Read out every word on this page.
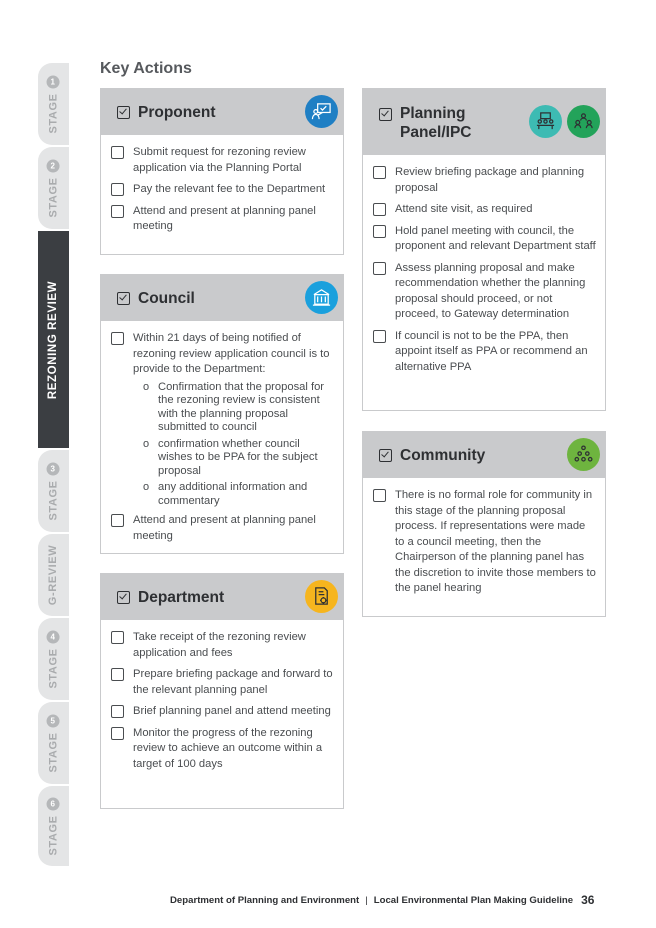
STAGE
1
STAGE
2
REZONING REVIEW
STAGE
3
G-REVIEW
STAGE
4
STAGE
5
STAGE
6
Key Actions
Proponent
Submit request for rezoning review application via the Planning Portal
Pay the relevant fee to the Department
Attend and present at planning panel meeting
Council
Within 21 days of being notified of rezoning review application council is to provide to the Department:
o Confirmation that the proposal for the rezoning review is consistent with the planning proposal submitted to council
o confirmation whether council wishes to be PPA for the subject proposal
o any additional information and commentary
Attend and present at planning panel meeting
Department
Take receipt of the rezoning review application and fees
Prepare briefing package and forward to the relevant planning panel
Brief planning panel and attend meeting
Monitor the progress of the rezoning review to achieve an outcome within a target of 100 days
Planning
Panel/IPC
Review briefing package and planning proposal
Attend site visit, as required
Hold panel meeting with council, the proponent and relevant Department staff
Assess planning proposal and make recommendation whether the planning proposal should proceed, or not proceed, to Gateway determination
If council is not to be the PPA, then appoint itself as PPA or recommend an alternative PPA
Community
There is no formal role for community in this stage of the planning proposal process. If representations were made to a council meeting, then the Chairperson of the planning panel has the discretion to invite those members to the panel hearing
Department of Planning and Environment | Local Environmental Plan Making Guideline 36
